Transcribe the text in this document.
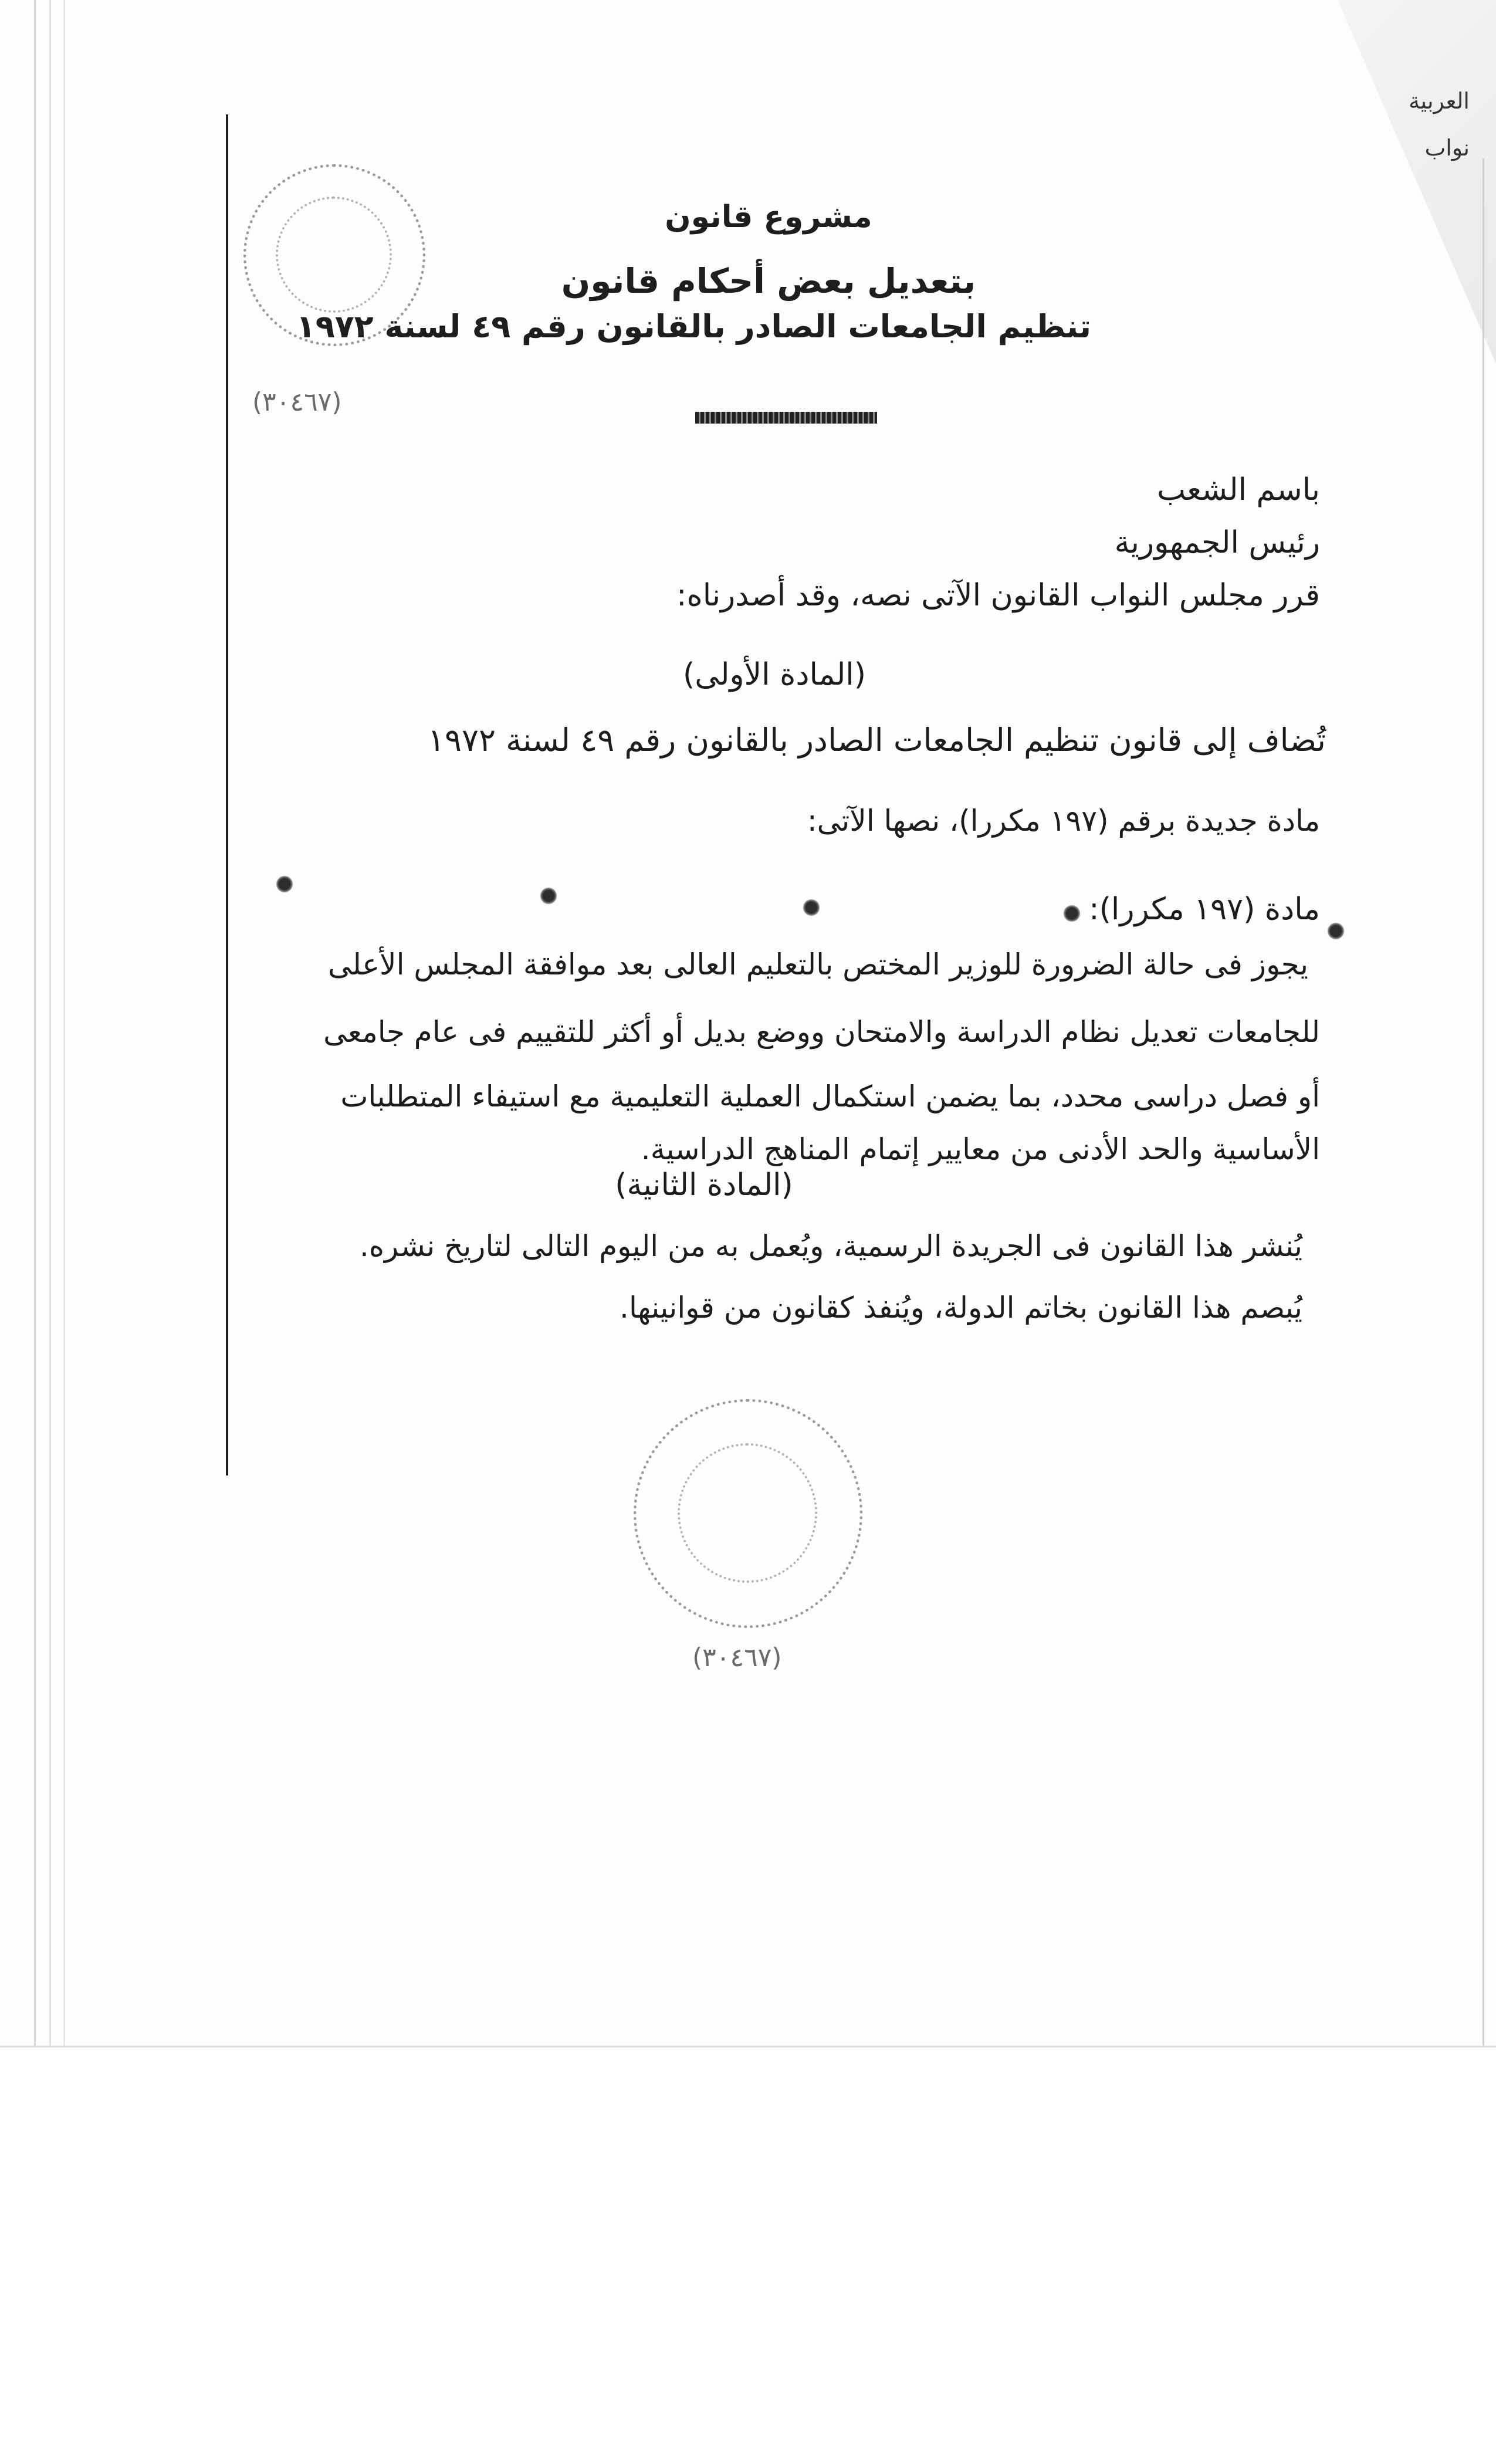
العربية
نواب
(٣٠٤٦٧)
مشروع قانون
بتعديل بعض أحكام قانون
تنظيم الجامعات الصادر بالقانون رقم ٤٩ لسنة ١٩٧٢
باسم الشعب
رئيس الجمهورية
قرر مجلس النواب القانون الآتى نصه، وقد أصدرناه:
(المادة الأولى)
تُضاف إلى قانون تنظيم الجامعات الصادر بالقانون رقم ٤٩ لسنة ١٩٧٢
مادة جديدة برقم (١٩٧ مكررا)، نصها الآتى:
مادة (١٩٧ مكررا):
يجوز فى حالة الضرورة للوزير المختص بالتعليم العالى بعد موافقة المجلس الأعلى
للجامعات تعديل نظام الدراسة والامتحان ووضع بديل أو أكثر للتقييم فى عام جامعى
أو فصل دراسى محدد، بما يضمن استكمال العملية التعليمية مع استيفاء المتطلبات
الأساسية والحد الأدنى من معايير إتمام المناهج الدراسية.
(المادة الثانية)
يُنشر هذا القانون فى الجريدة الرسمية، ويُعمل به من اليوم التالى لتاريخ نشره.
يُبصم هذا القانون بخاتم الدولة، ويُنفذ كقانون من قوانينها.
(٣٠٤٦٧)
